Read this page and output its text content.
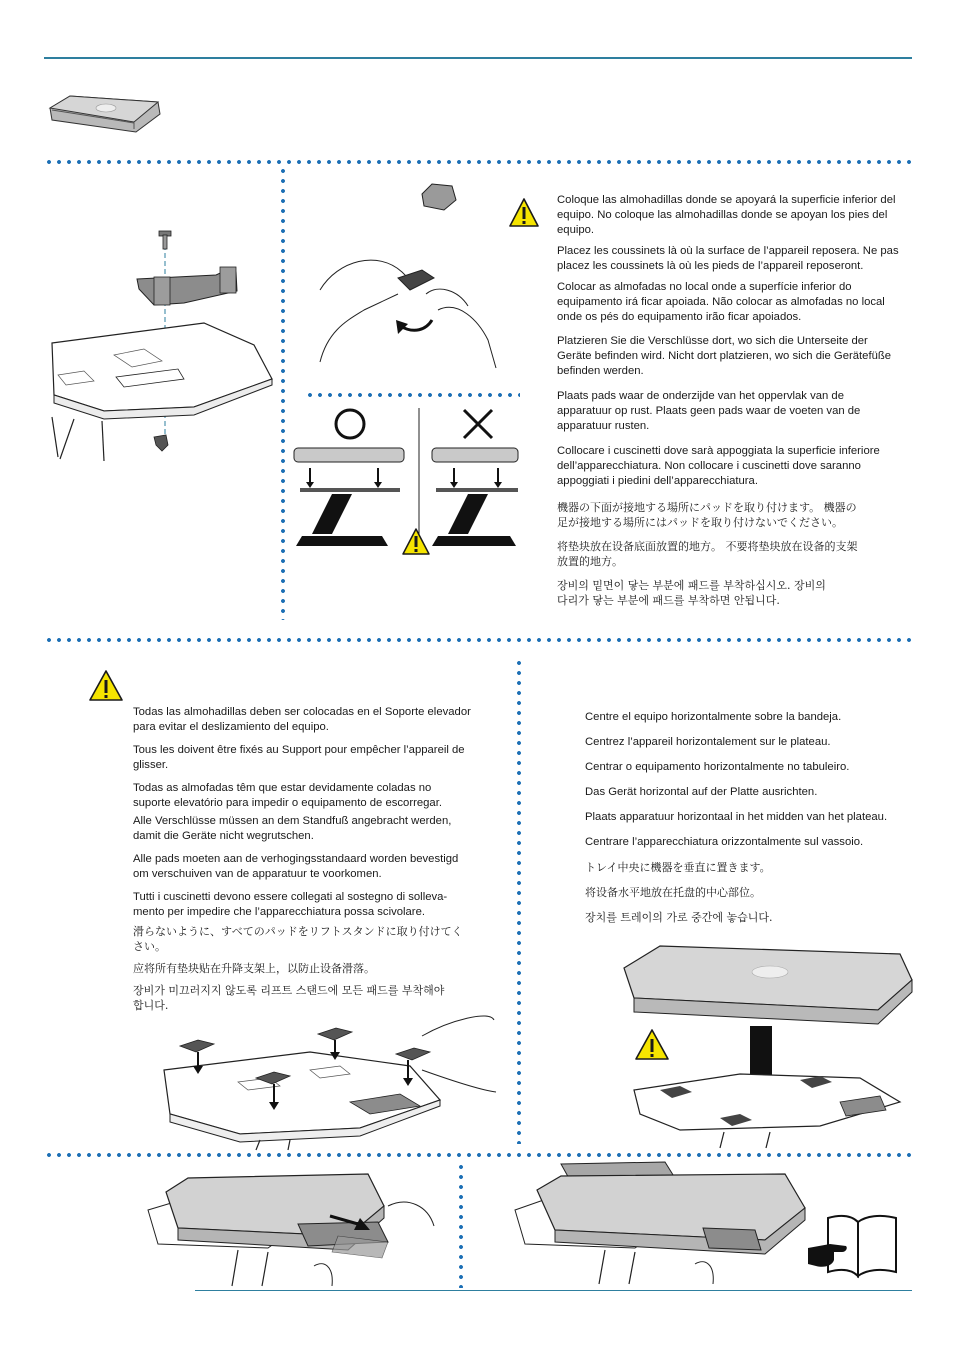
Coloque las almohadillas donde se apoyará la superficie inferior del
equipo. No coloque las almohadillas donde se apoyan los pies del
equipo.

Placez les coussinets là où la surface de l’appareil reposera. Ne pas
placez les coussinets là où les pieds de l’appareil reposeront.

Colocar as almofadas no local onde a superfície inferior do
equipamento irá ficar apoiada. Não colocar as almofadas no local
onde os pés do equipamento irão ficar apoiados.

Platzieren Sie die Verschlüsse dort, wo sich die Unterseite der
Geräte befinden wird. Nicht dort platzieren, wo sich die Gerätefüße
befinden werden.

Plaats pads waar de onderzijde van het oppervlak van de
apparatuur op rust. Plaats geen pads waar de voeten van de
apparatuur rusten.

Collocare i cuscinetti dove sarà appoggiata la superficie inferiore
dell’apparecchiatura. Non collocare i cuscinetti dove saranno
appoggiati i piedini dell’apparecchiatura.

機器の下面が接地する場所にパッドを取り付けます。 機器の
足が接地する場所にはパッドを取り付けないでください。

将垫块放在设备底面放置的地方。 不要将垫块放在设备的支架
放置的地方。

장비의 밑면이 닿는 부분에 패드를 부착하십시오. 장비의
다리가 닿는 부분에 패드를 부착하면 안됩니다.

Todas las almohadillas deben ser colocadas en el Soporte elevador
para evitar el deslizamiento del equipo.

Tous les doivent être fixés au Support pour empêcher l’appareil de
glisser.

Todas as almofadas têm que estar devidamente coladas no
suporte elevatório para impedir o equipamento de escorregar.

Alle Verschlüsse müssen an dem Standfuß angebracht werden,
damit die Geräte nicht wegrutschen.

Alle pads moeten aan de verhogingsstandaard worden bevestigd
om verschuiven van de apparatuur te voorkomen.

Tutti i cuscinetti devono essere collegati al sostegno di solleva-
mento per impedire che l’apparecchiatura possa scivolare.

滑らないように、すべてのパッドをリフトスタンドに取り付けてく
さい。

应将所有垫块贴在升降支架上，以防止设备滑落。

장비가 미끄러지지 않도록 리프트 스탠드에 모든 패드를 부착해야
합니다.

Centre el equipo horizontalmente sobre la bandeja.

Centrez l’appareil horizontalement sur le plateau.

Centrar o equipamento horizontalmente no tabuleiro.

Das Gerät horizontal auf der Platte ausrichten.

Plaats apparatuur horizontaal in het midden van het plateau.

Centrare l’apparecchiatura orizzontalmente sul vassoio.

トレイ中央に機器を垂直に置きます。

将设备水平地放在托盘的中心部位。

장치를 트레이의 가로 중간에 놓습니다.
